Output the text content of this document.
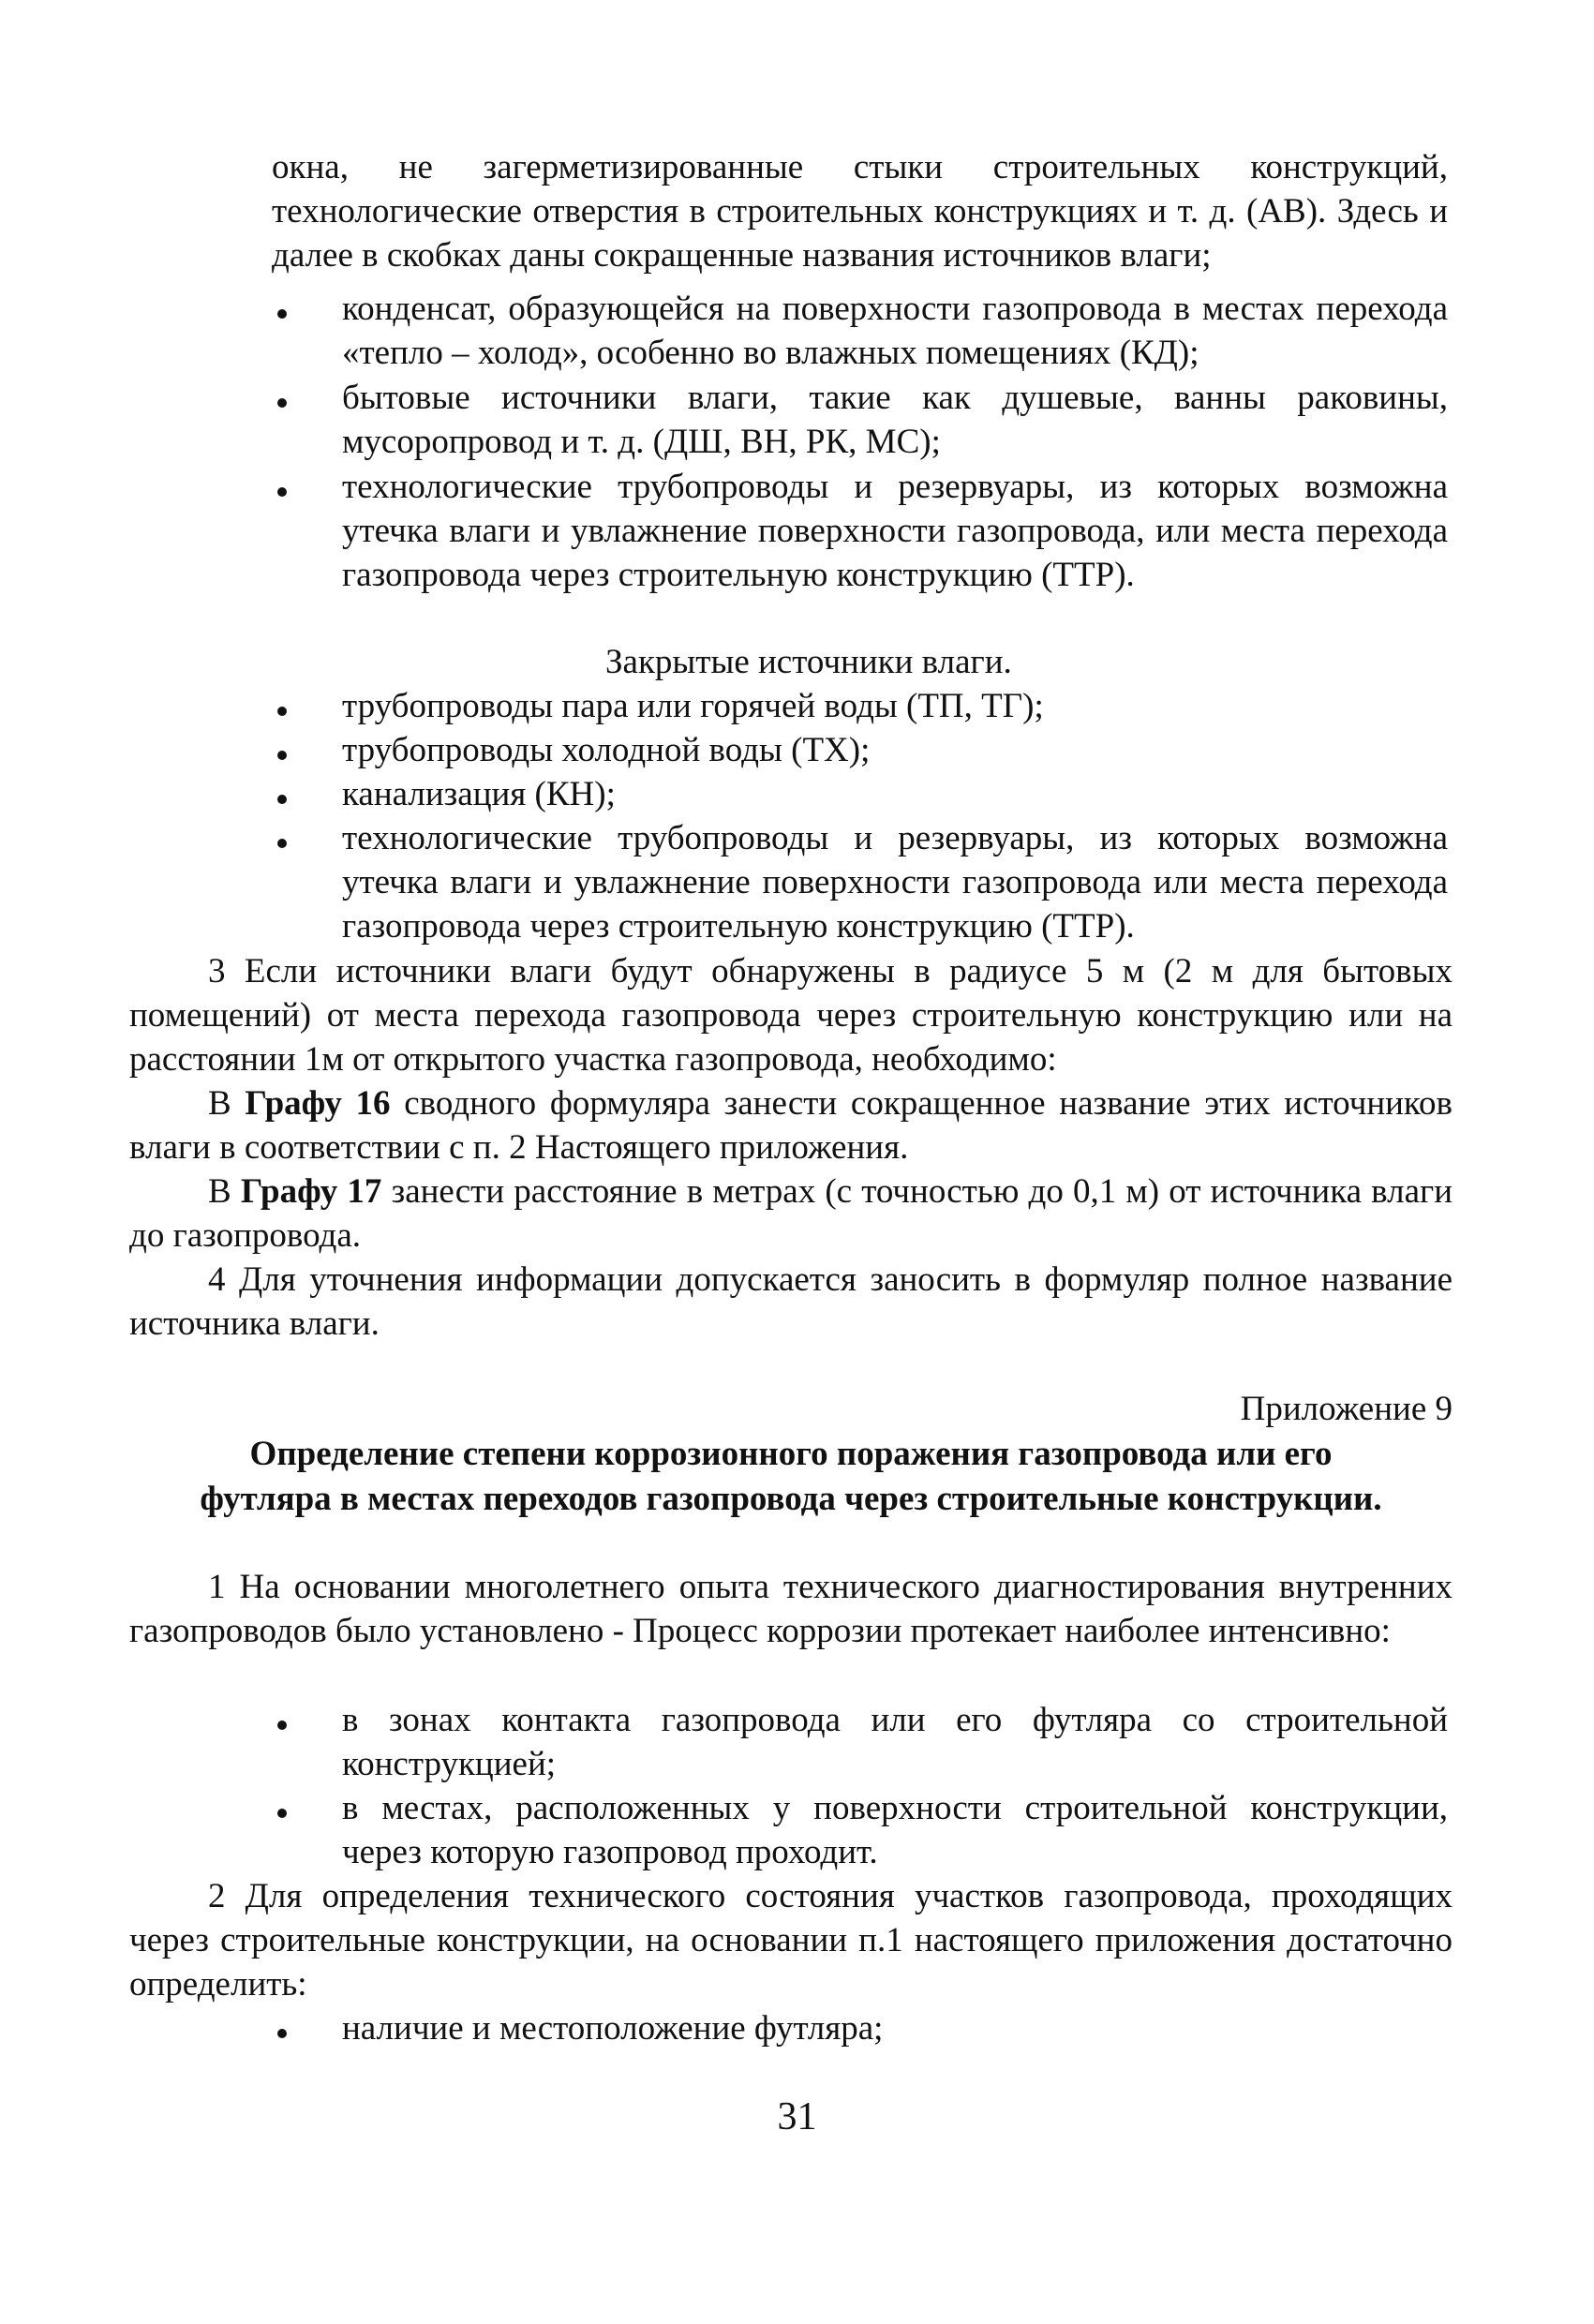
окна, не загерметизированные стыки строительных конструкций, технологические отверстия в строительных конструкциях и т. д. (АВ). Здесь и далее в скобках даны сокращенные названия источников влаги;
конденсат, образующейся на поверхности газопровода в местах перехода «тепло – холод», особенно во влажных помещениях (КД);
бытовые источники влаги, такие как душевые, ванны раковины, мусоропровод и т. д. (ДШ, ВН, РК, МС);
технологические трубопроводы и резервуары, из которых возможна утечка влаги и увлажнение поверхности газопровода, или места перехода газопровода через строительную конструкцию (ТТР).
Закрытые источники влаги.
трубопроводы пара или горячей воды (ТП, ТГ);
трубопроводы холодной воды (ТХ);
канализация (КН);
технологические трубопроводы и резервуары, из которых возможна утечка влаги и увлажнение поверхности газопровода или места перехода газопровода через строительную конструкцию (ТТР).
3 Если источники влаги будут обнаружены в радиусе 5 м (2 м для бытовых помещений) от места перехода газопровода через строительную конструкцию или на расстоянии 1м от открытого участка газопровода, необходимо:
В Графу 16 сводного формуляра занести сокращенное название этих источников влаги в соответствии с п. 2 Настоящего приложения.
В Графу 17 занести расстояние в метрах (с точностью до 0,1 м) от источника влаги до газопровода.
4 Для уточнения информации допускается заносить в формуляр полное название источника влаги.
Приложение 9
Определение степени коррозионного поражения газопровода или его
футляра в местах переходов газопровода через строительные конструкции.
1 На основании многолетнего опыта технического диагностирования внутренних газопроводов было установлено - Процесс коррозии протекает наиболее интенсивно:
в зонах контакта газопровода или его футляра со строительной конструкцией;
в местах, расположенных у поверхности строительной конструкции, через которую газопровод проходит.
2 Для определения технического состояния участков газопровода, проходящих через строительные конструкции, на основании п.1 настоящего приложения достаточно определить:
наличие и местоположение футляра;
31
